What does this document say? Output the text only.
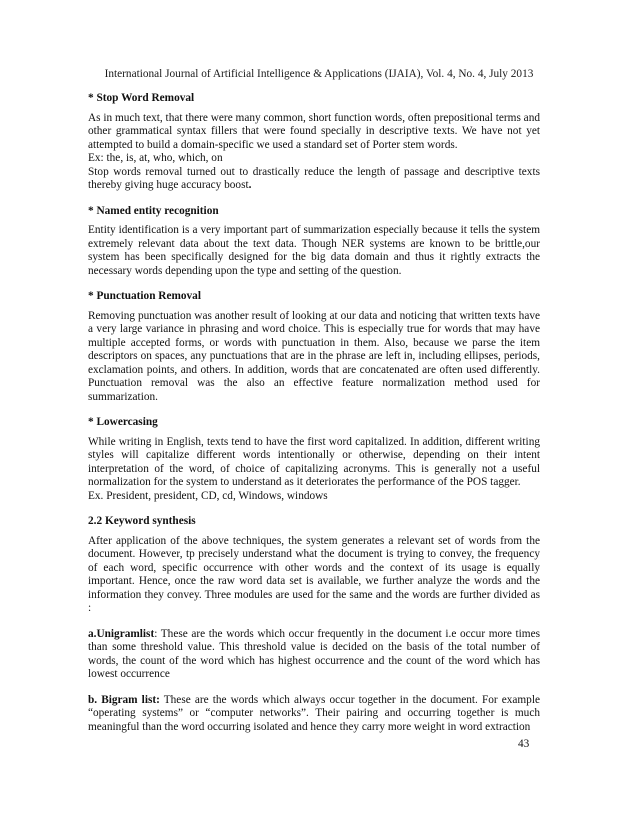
International Journal of Artificial Intelligence & Applications (IJAIA), Vol. 4, No. 4, July 2013
* Stop Word Removal
As in much text, that there were many common, short function words, often prepositional terms and other grammatical syntax fillers that were found specially in descriptive texts. We have not yet attempted to build a domain-specific we used a standard set of Porter stem words.
Ex: the, is, at, who, which, on
Stop words removal turned out to drastically reduce the length of passage and descriptive texts thereby giving huge accuracy boost.
* Named entity recognition
Entity identification is a very important part of summarization especially because it tells the system extremely relevant data about the text data. Though NER systems are known to be brittle,our system has been specifically designed for the big data domain and thus it rightly extracts the necessary words depending upon the type and setting of the question.
* Punctuation Removal
Removing punctuation was another result of looking at our data and noticing that written texts have a very large variance in phrasing and word choice. This is especially true for words that may have multiple accepted forms, or words with punctuation in them. Also, because we parse the item descriptors on spaces, any punctuations that are in the phrase are left in, including ellipses, periods, exclamation points, and others. In addition, words that are concatenated are often used differently. Punctuation removal was the also an effective feature normalization method used for summarization.
* Lowercasing
While writing in English, texts tend to have the first word capitalized. In addition, different writing styles will capitalize different words intentionally or otherwise, depending on their intent interpretation of the word, of choice of capitalizing acronyms. This is generally not a useful normalization for the system to understand as it deteriorates the performance of the POS tagger.
Ex. President, president, CD, cd, Windows, windows
2.2 Keyword synthesis
After application of the above techniques, the system generates a relevant set of words from the document. However, tp precisely understand what the document is trying to convey, the frequency of each word, specific occurrence with other words and the context of its usage is equally important. Hence, once the raw word data set is available, we further analyze the words and the information they convey. Three modules are used for the same and the words are further divided as :
a.Unigramlist: These are the words which occur frequently in the document i.e occur more times than some threshold value. This threshold value is decided on the basis of the total number of words, the count of the word which has highest occurrence and the count of the word which has lowest occurrence
b. Bigram list: These are the words which always occur together in the document. For example “operating systems” or “computer networks”. Their pairing and occurring together is much meaningful than the word occurring isolated and hence they carry more weight in word extraction
43
